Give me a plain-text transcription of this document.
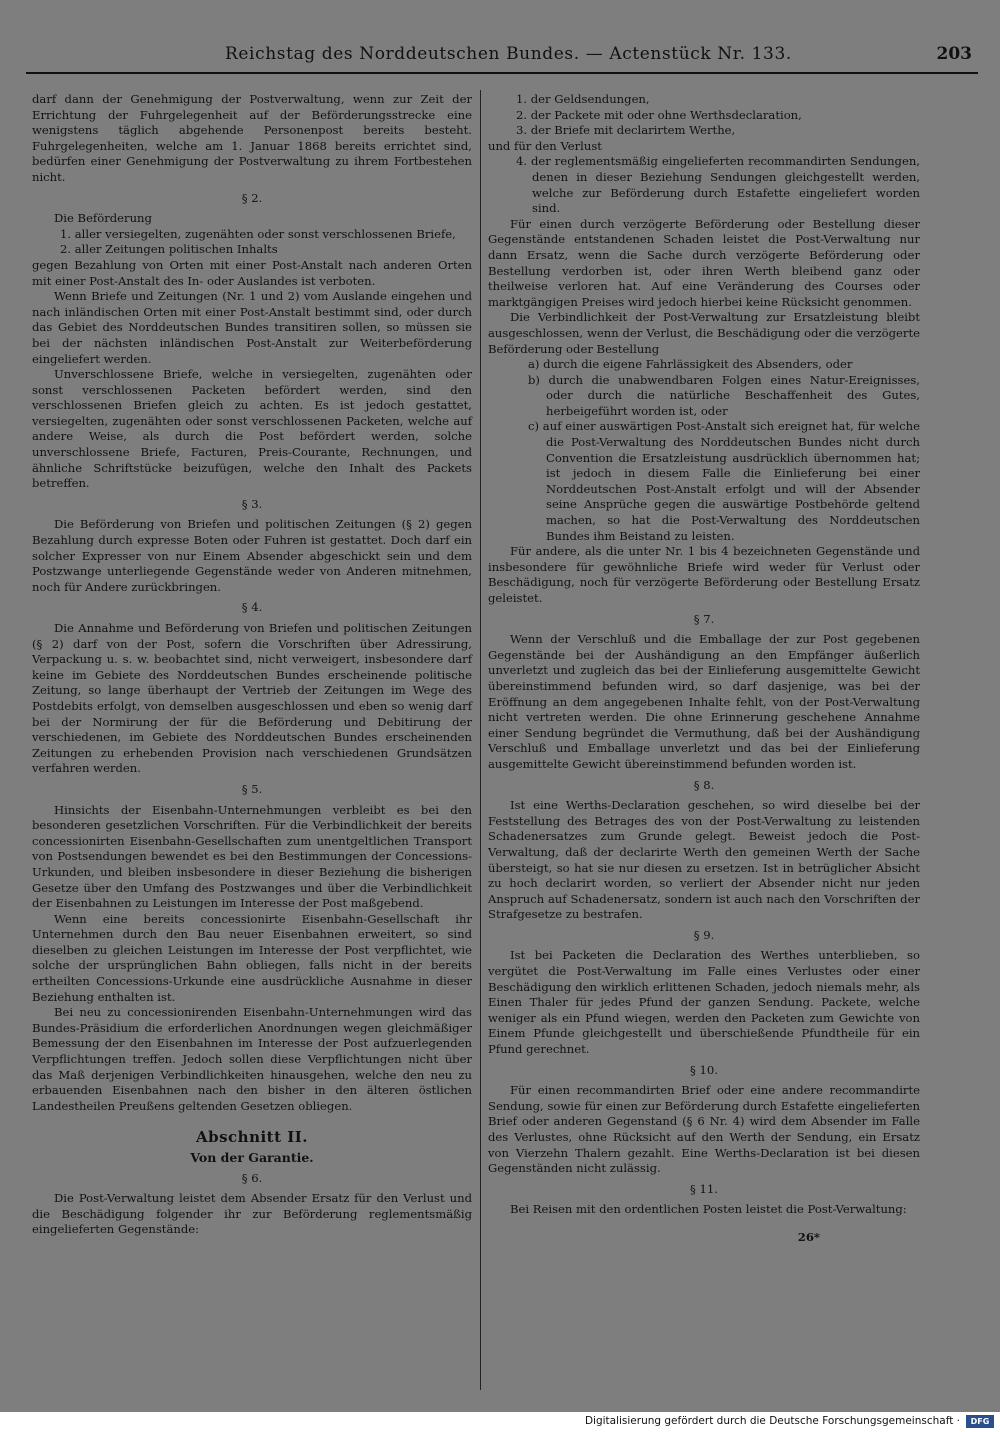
Reichstag des Norddeutschen Bundes. — Actenstück Nr. 133.	203

darf dann der Genehmigung der Postverwaltung, wenn zur Zeit der Errichtung der Fuhrgelegenheit auf der Beförderungsstrecke eine wenigstens täglich abgehende Personenpost bereits besteht. Fuhrgelegenheiten, welche am 1. Januar 1868 bereits errichtet sind, bedürfen einer Genehmigung der Postverwaltung zu ihrem Fortbestehen nicht.

§ 2.

Die Beförderung

1. aller versiegelten, zugenähten oder sonst verschlossenen Briefe,

2. aller Zeitungen politischen Inhalts

gegen Bezahlung von Orten mit einer Post-Anstalt nach anderen Orten mit einer Post-Anstalt des In- oder Auslandes ist verboten.

Wenn Briefe und Zeitungen (Nr. 1 und 2) vom Auslande eingehen und nach inländischen Orten mit einer Post-Anstalt bestimmt sind, oder durch das Gebiet des Norddeutschen Bundes transitiren sollen, so müssen sie bei der nächsten inländischen Post-Anstalt zur Weiterbeförderung eingeliefert werden.

Unverschlossene Briefe, welche in versiegelten, zugenähten oder sonst verschlossenen Packeten befördert werden, sind den verschlossenen Briefen gleich zu achten. Es ist jedoch gestattet, versiegelten, zugenähten oder sonst verschlossenen Packeten, welche auf andere Weise, als durch die Post befördert werden, solche unverschlossene Briefe, Facturen, Preis-Courante, Rechnungen, und ähnliche Schriftstücke beizufügen, welche den Inhalt des Packets betreffen.

§ 3.

Die Beförderung von Briefen und politischen Zeitungen (§ 2) gegen Bezahlung durch expresse Boten oder Fuhren ist gestattet. Doch darf ein solcher Expresser von nur Einem Absender abgeschickt sein und dem Postzwange unterliegende Gegenstände weder von Anderen mitnehmen, noch für Andere zurückbringen.

§ 4.

Die Annahme und Beförderung von Briefen und politischen Zeitungen (§ 2) darf von der Post, sofern die Vorschriften über Adressirung, Verpackung u. s. w. beobachtet sind, nicht verweigert, insbesondere darf keine im Gebiete des Norddeutschen Bundes erscheinende politische Zeitung, so lange überhaupt der Vertrieb der Zeitungen im Wege des Postdebits erfolgt, von demselben ausgeschlossen und eben so wenig darf bei der Normirung der für die Beförderung und Debitirung der verschiedenen, im Gebiete des Norddeutschen Bundes erscheinenden Zeitungen zu erhebenden Provision nach verschiedenen Grundsätzen verfahren werden.

§ 5.

Hinsichts der Eisenbahn-Unternehmungen verbleibt es bei den besonderen gesetzlichen Vorschriften. Für die Verbindlichkeit der bereits concessionirten Eisenbahn-Gesellschaften zum unentgeltlichen Transport von Postsendungen bewendet es bei den Bestimmungen der Concessions-Urkunden, und bleiben insbesondere in dieser Beziehung die bisherigen Gesetze über den Umfang des Postzwanges und über die Verbindlichkeit der Eisenbahnen zu Leistungen im Interesse der Post maßgebend.

Wenn eine bereits concessionirte Eisenbahn-Gesellschaft ihr Unternehmen durch den Bau neuer Eisenbahnen erweitert, so sind dieselben zu gleichen Leistungen im Interesse der Post verpflichtet, wie solche der ursprünglichen Bahn obliegen, falls nicht in der bereits ertheilten Concessions-Urkunde eine ausdrückliche Ausnahme in dieser Beziehung enthalten ist.

Bei neu zu concessionirenden Eisenbahn-Unternehmungen wird das Bundes-Präsidium die erforderlichen Anordnungen wegen gleichmäßiger Bemessung der den Eisenbahnen im Interesse der Post aufzuerlegenden Verpflichtungen treffen. Jedoch sollen diese Verpflichtungen nicht über das Maß derjenigen Verbindlichkeiten hinausgehen, welche den neu zu erbauenden Eisenbahnen nach den bisher in den älteren östlichen Landestheilen Preußens geltenden Gesetzen obliegen.

Abschnitt II.

Von der Garantie.

§ 6.

Die Post-Verwaltung leistet dem Absender Ersatz für den Verlust und die Beschädigung folgender ihr zur Beförderung reglementsmäßig eingelieferten Gegenstände:

1. der Geldsendungen,

2. der Packete mit oder ohne Werthsdeclaration,

3. der Briefe mit declarirtem Werthe,

und für den Verlust

4. der reglementsmäßig eingelieferten recommandirten Sendungen, denen in dieser Beziehung Sendungen gleichgestellt werden, welche zur Beförderung durch Estafette eingeliefert worden sind.

Für einen durch verzögerte Beförderung oder Bestellung dieser Gegenstände entstandenen Schaden leistet die Post-Verwaltung nur dann Ersatz, wenn die Sache durch verzögerte Beförderung oder Bestellung verdorben ist, oder ihren Werth bleibend ganz oder theilweise verloren hat. Auf eine Veränderung des Courses oder marktgängigen Preises wird jedoch hierbei keine Rücksicht genommen.

Die Verbindlichkeit der Post-Verwaltung zur Ersatzleistung bleibt ausgeschlossen, wenn der Verlust, die Beschädigung oder die verzögerte Beförderung oder Bestellung

a) durch die eigene Fahrlässigkeit des Absenders, oder

b) durch die unabwendbaren Folgen eines Natur-Ereignisses, oder durch die natürliche Beschaffenheit des Gutes, herbeigeführt worden ist, oder

c) auf einer auswärtigen Post-Anstalt sich ereignet hat, für welche die Post-Verwaltung des Norddeutschen Bundes nicht durch Convention die Ersatzleistung ausdrücklich übernommen hat; ist jedoch in diesem Falle die Einlieferung bei einer Norddeutschen Post-Anstalt erfolgt und will der Absender seine Ansprüche gegen die auswärtige Postbehörde geltend machen, so hat die Post-Verwaltung des Norddeutschen Bundes ihm Beistand zu leisten.

Für andere, als die unter Nr. 1 bis 4 bezeichneten Gegenstände und insbesondere für gewöhnliche Briefe wird weder für Verlust oder Beschädigung, noch für verzögerte Beförderung oder Bestellung Ersatz geleistet.

§ 7.

Wenn der Verschluß und die Emballage der zur Post gegebenen Gegenstände bei der Aushändigung an den Empfänger äußerlich unverletzt und zugleich das bei der Einlieferung ausgemittelte Gewicht übereinstimmend befunden wird, so darf dasjenige, was bei der Eröffnung an dem angegebenen Inhalte fehlt, von der Post-Verwaltung nicht vertreten werden. Die ohne Erinnerung geschehene Annahme einer Sendung begründet die Vermuthung, daß bei der Aushändigung Verschluß und Emballage unverletzt und das bei der Einlieferung ausgemittelte Gewicht übereinstimmend befunden worden ist.

§ 8.

Ist eine Werths-Declaration geschehen, so wird dieselbe bei der Feststellung des Betrages des von der Post-Verwaltung zu leistenden Schadenersatzes zum Grunde gelegt. Beweist jedoch die Post-Verwaltung, daß der declarirte Werth den gemeinen Werth der Sache übersteigt, so hat sie nur diesen zu ersetzen. Ist in betrüglicher Absicht zu hoch declarirt worden, so verliert der Absender nicht nur jeden Anspruch auf Schadenersatz, sondern ist auch nach den Vorschriften der Strafgesetze zu bestrafen.

§ 9.

Ist bei Packeten die Declaration des Werthes unterblieben, so vergütet die Post-Verwaltung im Falle eines Verlustes oder einer Beschädigung den wirklich erlittenen Schaden, jedoch niemals mehr, als Einen Thaler für jedes Pfund der ganzen Sendung. Packete, welche weniger als ein Pfund wiegen, werden den Packeten zum Gewichte von Einem Pfunde gleichgestellt und überschießende Pfundtheile für ein Pfund gerechnet.

§ 10.

Für einen recommandirten Brief oder eine andere recommandirte Sendung, sowie für einen zur Beförderung durch Estafette eingelieferten Brief oder anderen Gegenstand (§ 6 Nr. 4) wird dem Absender im Falle des Verlustes, ohne Rücksicht auf den Werth der Sendung, ein Ersatz von Vierzehn Thalern gezahlt. Eine Werths-Declaration ist bei diesen Gegenständen nicht zulässig.

§ 11.

Bei Reisen mit den ordentlichen Posten leistet die Post-Verwaltung:

26*

Digitalisierung gefördert durch die Deutsche Forschungsgemeinschaft ·	DFG
